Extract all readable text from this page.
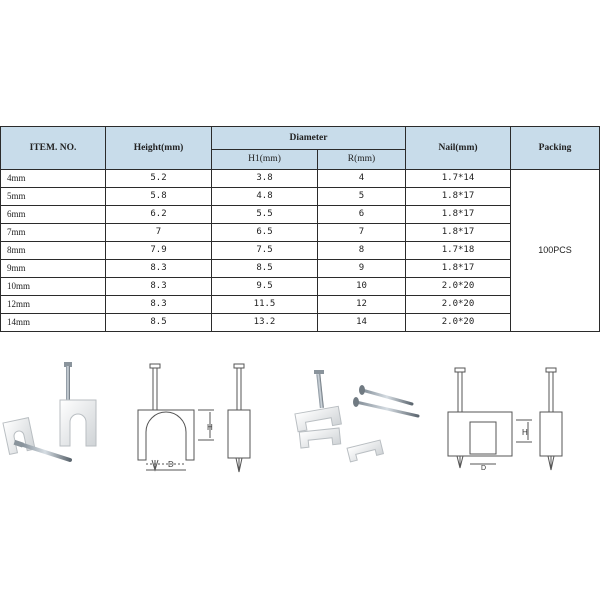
ITEM. NO.	Height(mm)	Diameter		Nail(mm)	Packing
		H1(mm)	R(mm)		
4mm	5.2	3.8	4	1.7*14	100PCS
5mm	5.8	4.8	5	1.8*17	
6mm	6.2	5.5	6	1.8*17	
7mm	7	6.5	7	1.8*17	
8mm	7.9	7.5	8	1.7*18	
9mm	8.3	8.5	9	1.8*17	
10mm	8.3	9.5	10	2.0*20	
12mm	8.3	11.5	12	2.0*20	
14mm	8.5	13.2	14	2.0*20	
H
D
H
D
